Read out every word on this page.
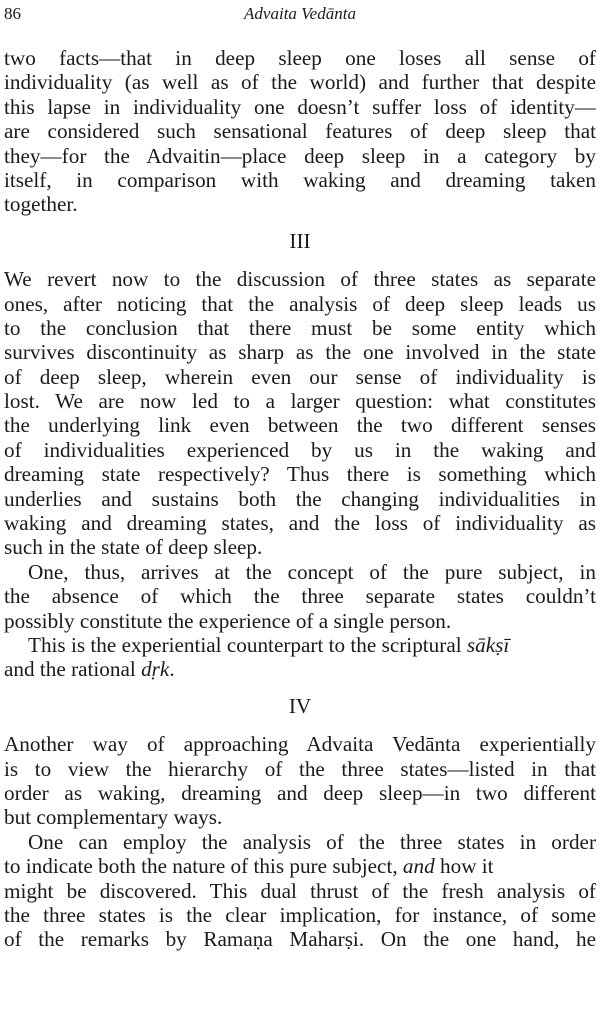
86	Advaita Vedānta
two facts—that in deep sleep one loses all sense of
individuality (as well as of the world) and further that despite
this lapse in individuality one doesn’t suffer loss of identity—
are considered such sensational features of deep sleep that
they—for the Advaitin—place deep sleep in a category by
itself, in comparison with waking and dreaming taken
together.
III
We revert now to the discussion of three states as separate
ones, after noticing that the analysis of deep sleep leads us
to the conclusion that there must be some entity which
survives discontinuity as sharp as the one involved in the state
of deep sleep, wherein even our sense of individuality is
lost. We are now led to a larger question: what constitutes
the underlying link even between the two different senses
of individualities experienced by us in the waking and
dreaming state respectively? Thus there is something which
underlies and sustains both the changing individualities in
waking and dreaming states, and the loss of individuality as
such in the state of deep sleep.
One, thus, arrives at the concept of the pure subject, in
the absence of which the three separate states couldn’t
possibly constitute the experience of a single person.
This is the experiential counterpart to the scriptural sākṣī
and the rational dṛk.
IV
Another way of approaching Advaita Vedānta experientially
is to view the hierarchy of the three states—listed in that
order as waking, dreaming and deep sleep—in two different
but complementary ways.
One can employ the analysis of the three states in order
to indicate both the nature of this pure subject, and how it
might be discovered. This dual thrust of the fresh analysis of
the three states is the clear implication, for instance, of some
of the remarks by Ramaṇa Maharṣi. On the one hand, he
